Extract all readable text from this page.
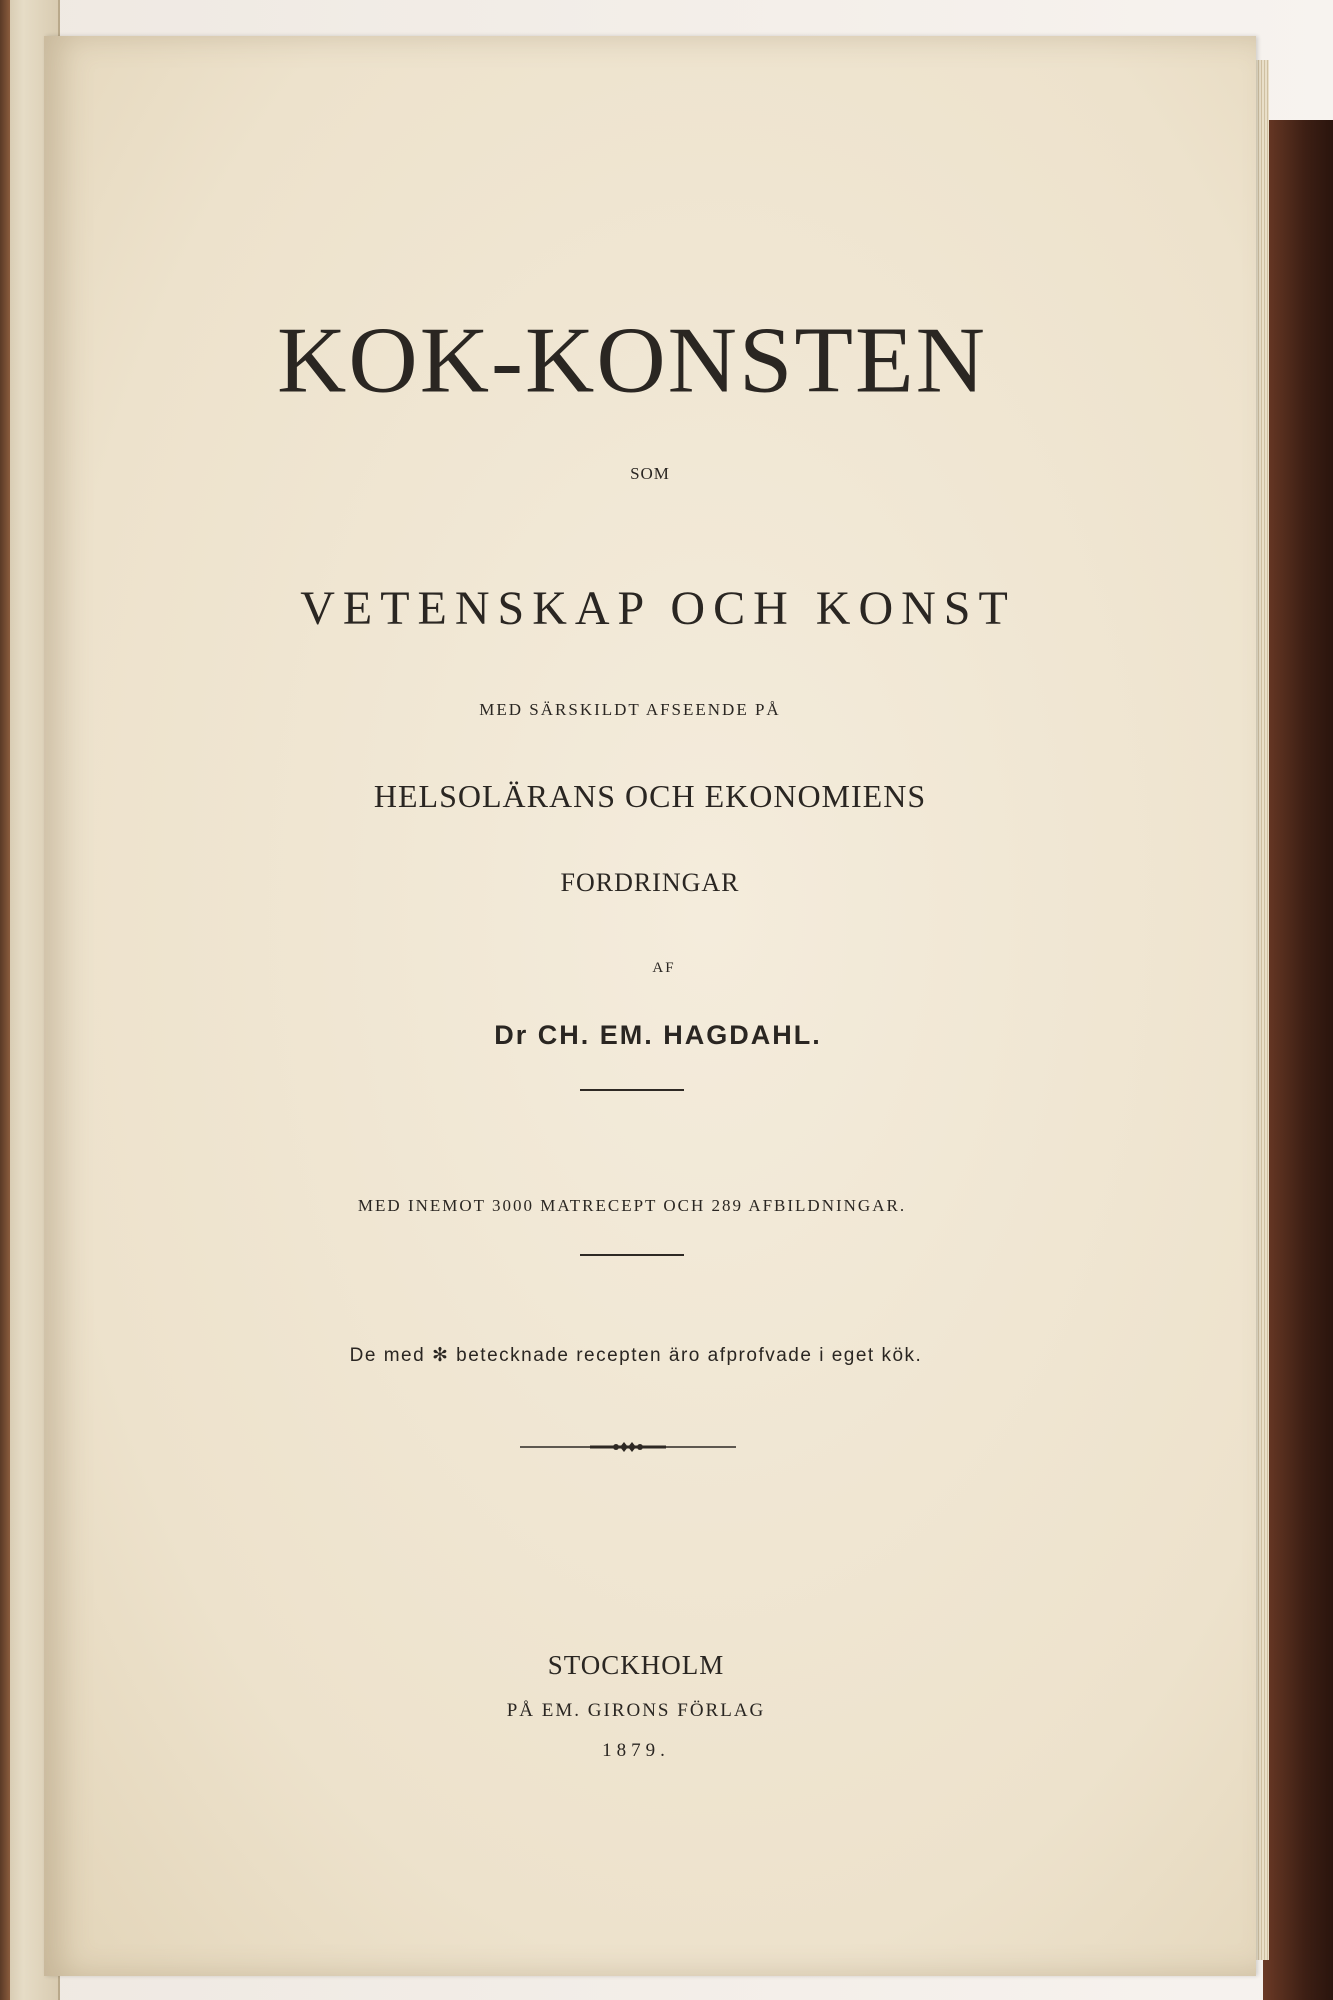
KOK-KONSTEN
SOM
VETENSKAP OCH KONST
MED SÄRSKILDT AFSEENDE PÅ
HELSOLÄRANS OCH EKONOMIENS
FORDRINGAR
AF
Dr CH. EM. HAGDAHL.
MED INEMOT 3000 MATRECEPT OCH 289 AFBILDNINGAR.
De med ✻ betecknade recepten äro afprofvade i eget kök.
STOCKHOLM
PÅ EM. GIRONS FÖRLAG
1879.
